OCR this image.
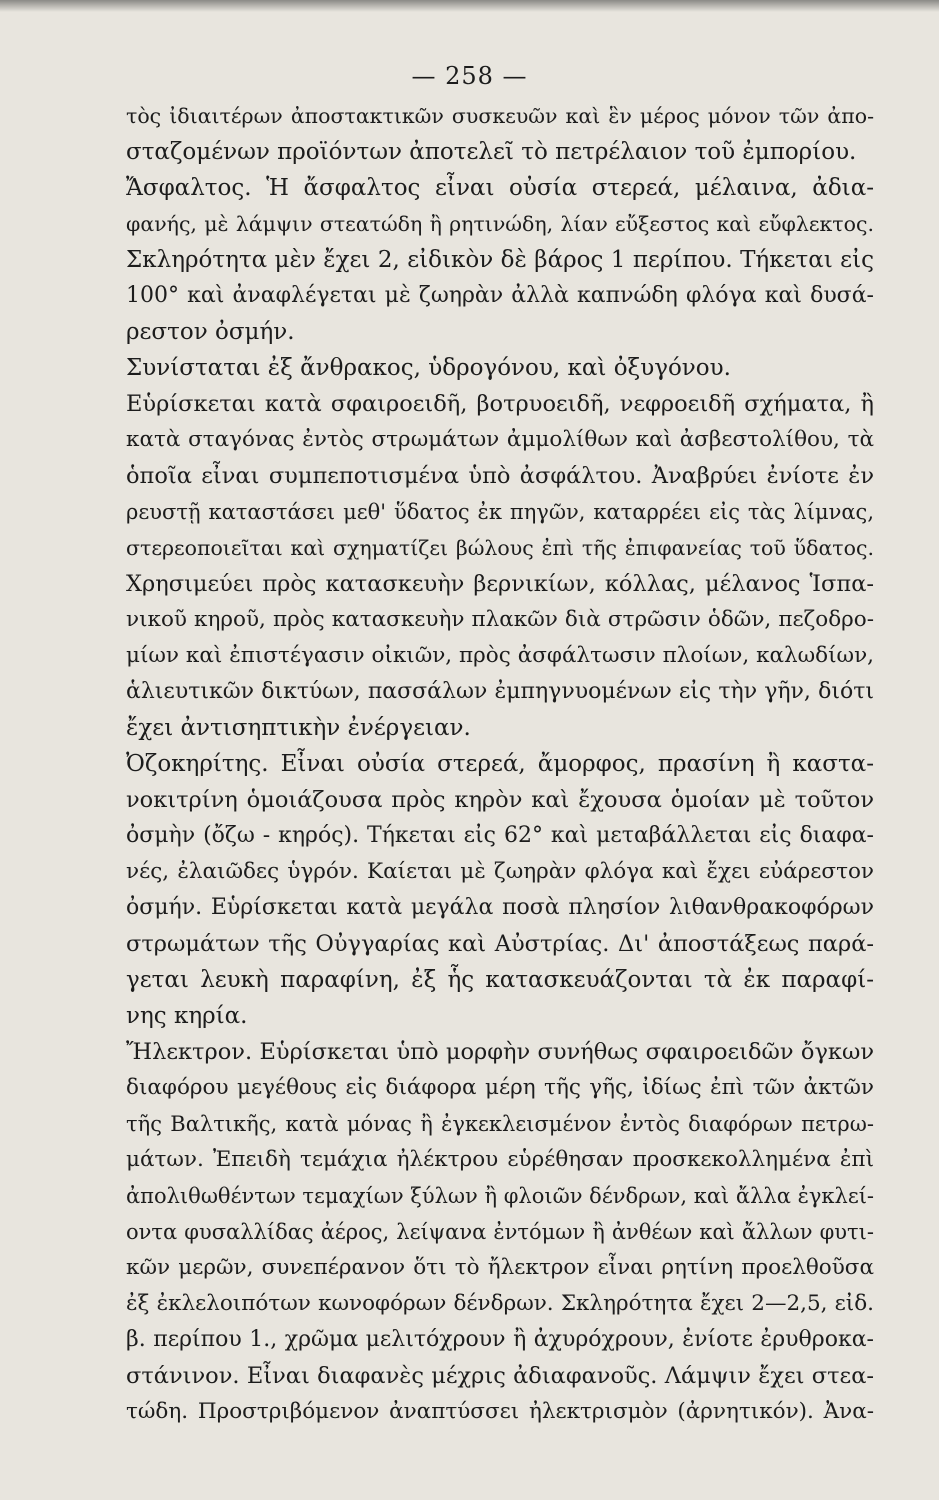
— 258 —
τὸς ἰδιαιτέρων ἀποστακτικῶν συσκευῶν καὶ ἓν μέρος μόνον τῶν ἀπο-
σταζομένων προϊόντων ἀποτελεῖ τὸ πετρέλαιον τοῦ ἐμπορίου.
Ἄσφαλτος. Ἡ ἄσφαλτος εἶναι οὐσία στερεά, μέλαινα, ἀδια-
φανής, μὲ λάμψιν στεατώδη ἢ ρητινώδη, λίαν εὔξεστος καὶ εὔφλεκτος.
Σκληρότητα μὲν ἔχει 2, εἰδικὸν δὲ βάρος 1 περίπου. Τήκεται εἰς
100° καὶ ἀναφλέγεται μὲ ζωηρὰν ἀλλὰ καπνώδη φλόγα καὶ δυσά-
ρεστον ὀσμήν.
Συνίσταται ἐξ ἄνθρακος, ὑδρογόνου, καὶ ὀξυγόνου.
Εὑρίσκεται κατὰ σφαιροειδῆ, βοτρυοειδῆ, νεφροειδῆ σχήματα, ἢ
κατὰ σταγόνας ἐντὸς στρωμάτων ἀμμολίθων καὶ ἀσβεστολίθου, τὰ
ὁποῖα εἶναι συμπεποτισμένα ὑπὸ ἀσφάλτου. Ἀναβρύει ἐνίοτε ἐν
ρευστῇ καταστάσει μεθ' ὕδατος ἐκ πηγῶν, καταρρέει εἰς τὰς λίμνας,
στερεοποιεῖται καὶ σχηματίζει βώλους ἐπὶ τῆς ἐπιφανείας τοῦ ὕδατος.
Χρησιμεύει πρὸς κατασκευὴν βερνικίων, κόλλας, μέλανος Ἱσπα-
νικοῦ κηροῦ, πρὸς κατασκευὴν πλακῶν διὰ στρῶσιν ὁδῶν, πεζοδρο-
μίων καὶ ἐπιστέγασιν οἰκιῶν, πρὸς ἀσφάλτωσιν πλοίων, καλωδίων,
ἁλιευτικῶν δικτύων, πασσάλων ἐμπηγνυομένων εἰς τὴν γῆν, διότι
ἔχει ἀντισηπτικὴν ἐνέργειαν.
Ὀζοκηρίτης. Εἶναι οὐσία στερεά, ἄμορφος, πρασίνη ἢ καστα-
νοκιτρίνη ὁμοιάζουσα πρὸς κηρὸν καὶ ἔχουσα ὁμοίαν μὲ τοῦτον
ὀσμὴν (ὄζω - κηρός). Τήκεται εἰς 62° καὶ μεταβάλλεται εἰς διαφα-
νές, ἐλαιῶδες ὑγρόν. Καίεται μὲ ζωηρὰν φλόγα καὶ ἔχει εὐάρεστον
ὀσμήν. Εὑρίσκεται κατὰ μεγάλα ποσὰ πλησίον λιθανθρακοφόρων
στρωμάτων τῆς Οὐγγαρίας καὶ Αὐστρίας. Δι' ἀποστάξεως παρά-
γεται λευκὴ παραφίνη, ἐξ ἧς κατασκευάζονται τὰ ἐκ παραφί-
νης κηρία.
Ἤλεκτρον. Εὑρίσκεται ὑπὸ μορφὴν συνήθως σφαιροειδῶν ὄγκων
διαφόρου μεγέθους εἰς διάφορα μέρη τῆς γῆς, ἰδίως ἐπὶ τῶν ἀκτῶν
τῆς Βαλτικῆς, κατὰ μόνας ἢ ἐγκεκλεισμένον ἐντὸς διαφόρων πετρω-
μάτων. Ἐπειδὴ τεμάχια ἠλέκτρου εὑρέθησαν προσκεκολλημένα ἐπὶ
ἀπολιθωθέντων τεμαχίων ξύλων ἢ φλοιῶν δένδρων, καὶ ἄλλα ἐγκλεί-
οντα φυσαλλίδας ἀέρος, λείψανα ἐντόμων ἢ ἀνθέων καὶ ἄλλων φυτι-
κῶν μερῶν, συνεπέρανον ὅτι τὸ ἤλεκτρον εἶναι ρητίνη προελθοῦσα
ἐξ ἐκλελοιπότων κωνοφόρων δένδρων. Σκληρότητα ἔχει 2—2,5, εἰδ.
β. περίπου 1., χρῶμα μελιτόχρουν ἢ ἀχυρόχρουν, ἐνίοτε ἐρυθροκα-
στάνινον. Εἶναι διαφανὲς μέχρις ἀδιαφανοῦς. Λάμψιν ἔχει στεα-
τώδη. Προστριβόμενον ἀναπτύσσει ἠλεκτρισμὸν (ἀρνητικόν). Ἀνα-
